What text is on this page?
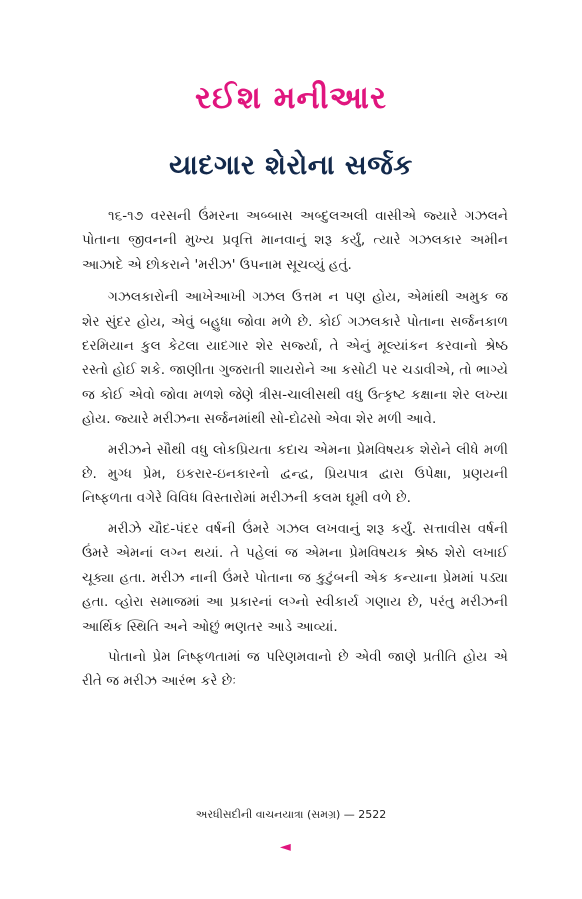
રઈશ મનીઆર
યાદગાર શેરોના સર્જક

૧૬-૧૭ વરસની ઉંમરના અબ્બાસ અબ્દુલઅલી વાસીએ જ્યારે ગઝલને પોતાના જીવનની મુખ્ય પ્રવૃત્તિ માનવાનું શરૂ કર્યું, ત્યારે ગઝલકાર અમીન આઝાદે એ છોકરાને 'મરીઝ' ઉપનામ સૂચવ્યું હતું.

ગઝલકારોની આખેઆખી ગઝલ ઉત્તમ ન પણ હોય, એમાંથી અમુક જ શેર સુંદર હોય, એવું બહુધા જોવા મળે છે. કોઈ ગઝલકારે પોતાના સર્જનકાળ દરમિયાન કુલ કેટલા યાદગાર શેર સર્જ્યા, તે એનું મૂલ્યાંકન કરવાનો શ્રેષ્ઠ રસ્તો હોઈ શકે. જાણીતા ગુજરાતી શાયરોને આ કસોટી પર ચડાવીએ, તો ભાગ્યે જ કોઈ એવો જોવા મળશે જેણે ત્રીસ-ચાલીસથી વધુ ઉત્કૃષ્ટ કક્ષાના શેર લખ્યા હોય. જ્યારે મરીઝના સર્જનમાંથી સો-દોઢસો એવા શેર મળી આવે.

મરીઝને સૌથી વધુ લોકપ્રિયતા કદાચ એમના પ્રેમવિષયક શેરોને લીધે મળી છે. મુગ્ધ પ્રેમ, ઇકરાર-ઇનકારનો દ્વન્દ્વ, પ્રિયપાત્ર દ્વારા ઉપેક્ષા, પ્રણયની નિષ્ફળતા વગેરે વિવિધ વિસ્તારોમાં મરીઝની કલમ ઘૂમી વળે છે.

મરીઝે ચૌદ-પંદર વર્ષની ઉંમરે ગઝલ લખવાનું શરૂ કર્યું. સત્તાવીસ વર્ષની ઉંમરે એમનાં લગ્ન થયાં. તે પહેલાં જ એમના પ્રેમવિષયક શ્રેષ્ઠ શેરો લખાઈ ચૂક્યા હતા. મરીઝ નાની ઉંમરે પોતાના જ કુટુંબની એક કન્યાના પ્રેમમાં પડ્યા હતા. વ્હોરા સમાજમાં આ પ્રકારનાં લગ્નો સ્વીકાર્ય ગણાય છે, પરંતુ મરીઝની આર્થિક સ્થિતિ અને ઓછું ભણતર આડે આવ્યાં.

પોતાનો પ્રેમ નિષ્ફળતામાં જ પરિણમવાનો છે એવી જાણે પ્રતીતિ હોય એ રીતે જ મરીઝ આરંભ કરે છેઃ

અરધીસદીની વાચનયાત્રા (સમગ્ર) — 2522
◄
